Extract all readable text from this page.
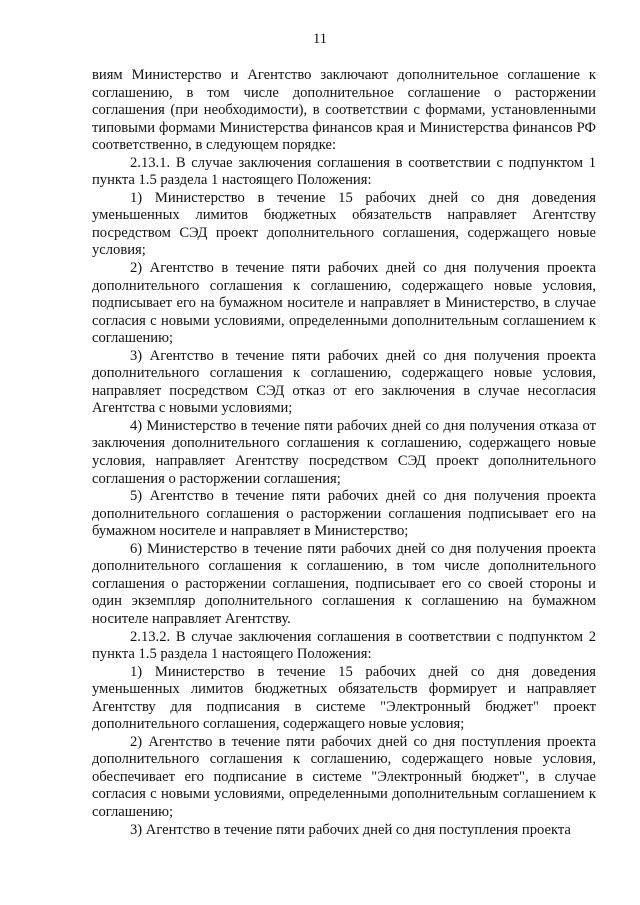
11

виям Министерство и Агентство заключают дополнительное соглашение к соглашению, в том числе дополнительное соглашение о расторжении соглашения (при необходимости), в соответствии с формами, установленными типовыми формами Министерства финансов края и Министерства финансов РФ соответственно, в следующем порядке:

2.13.1. В случае заключения соглашения в соответствии с подпунктом 1 пункта 1.5 раздела 1 настоящего Положения:

1) Министерство в течение 15 рабочих дней со дня доведения уменьшенных лимитов бюджетных обязательств направляет Агентству посредством СЭД проект дополнительного соглашения, содержащего новые условия;

2) Агентство в течение пяти рабочих дней со дня получения проекта дополнительного соглашения к соглашению, содержащего новые условия, подписывает его на бумажном носителе и направляет в Министерство, в случае согласия с новыми условиями, определенными дополнительным соглашением к соглашению;

3) Агентство в течение пяти рабочих дней со дня получения проекта дополнительного соглашения к соглашению, содержащего новые условия, направляет посредством СЭД отказ от его заключения в случае несогласия Агентства с новыми условиями;

4) Министерство в течение пяти рабочих дней со дня получения отказа от заключения дополнительного соглашения к соглашению, содержащего новые условия, направляет Агентству посредством СЭД проект дополнительного соглашения о расторжении соглашения;

5) Агентство в течение пяти рабочих дней со дня получения проекта дополнительного соглашения о расторжении соглашения подписывает его на бумажном носителе и направляет в Министерство;

6) Министерство в течение пяти рабочих дней со дня получения проекта дополнительного соглашения к соглашению, в том числе дополнительного соглашения о расторжении соглашения, подписывает его со своей стороны и один экземпляр дополнительного соглашения к соглашению на бумажном носителе направляет Агентству.

2.13.2. В случае заключения соглашения в соответствии с подпунктом 2 пункта 1.5 раздела 1 настоящего Положения:

1) Министерство в течение 15 рабочих дней со дня доведения уменьшенных лимитов бюджетных обязательств формирует и направляет Агентству для подписания в системе "Электронный бюджет" проект дополнительного соглашения, содержащего новые условия;

2) Агентство в течение пяти рабочих дней со дня поступления проекта дополнительного соглашения к соглашению, содержащего новые условия, обеспечивает его подписание в системе "Электронный бюджет", в случае согласия с новыми условиями, определенными дополнительным соглашением к соглашению;

3) Агентство в течение пяти рабочих дней со дня поступления проекта
